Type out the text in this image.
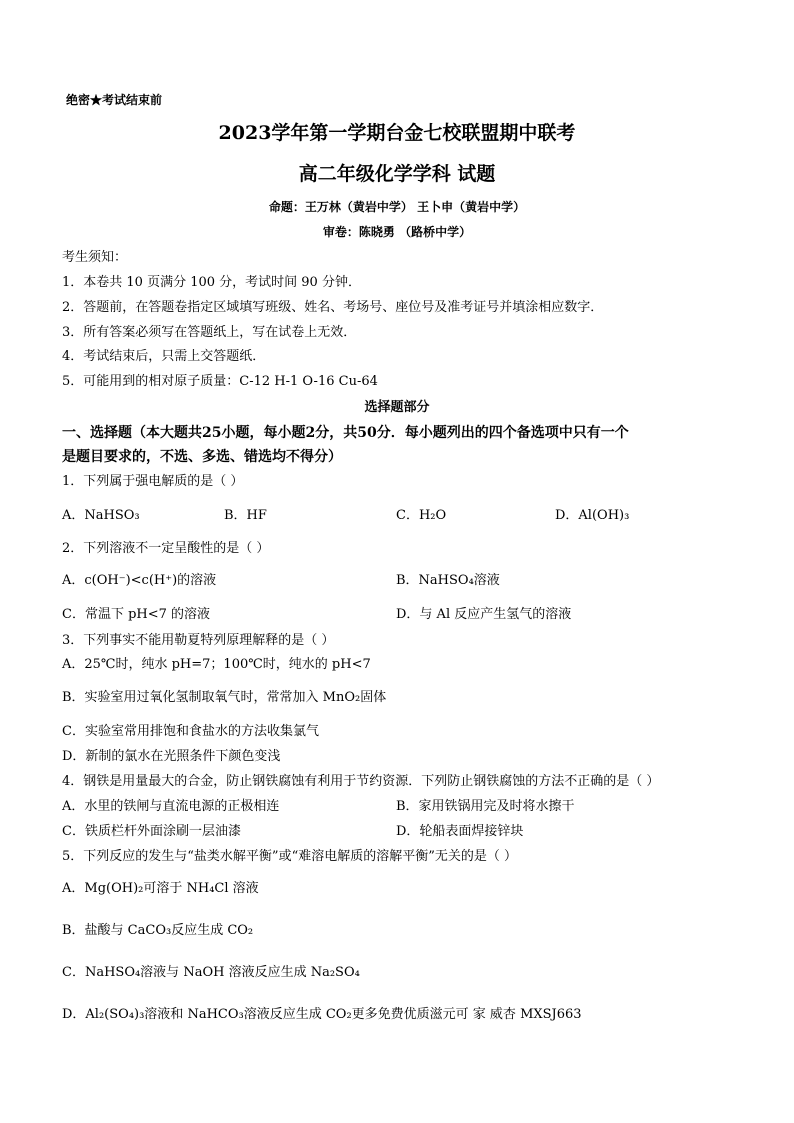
绝密★考试结束前
2023学年第一学期台金七校联盟期中联考
高二年级化学学科 试题
命题：王万林（黄岩中学） 王卜申（黄岩中学）
审卷：陈晓勇 （路桥中学）
考生须知：
1．本卷共 10 页满分 100 分，考试时间 90 分钟．
2．答题前，在答题卷指定区域填写班级、姓名、考场号、座位号及准考证号并填涂相应数字．
3．所有答案必须写在答题纸上，写在试卷上无效．
4．考试结束后，只需上交答题纸．
5．可能用到的相对原子质量：C-12 H-1 O-16 Cu-64
选择题部分
一、选择题（本大题共25小题，每小题2分，共50分．每小题列出的四个备选项中只有一个
是题目要求的，不选、多选、错选均不得分）
1．下列属于强电解质的是（ ）
A．NaHSO₃	B．HF	C．H₂O	D．Al(OH)₃
2．下列溶液不一定呈酸性的是（ ）
A．c(OH⁻)<c(H⁺)的溶液	B．NaHSO₄溶液
C．常温下 pH<7 的溶液	D．与 Al 反应产生氢气的溶液
3．下列事实不能用勒夏特列原理解释的是（ ）
A．25℃时，纯水 pH=7；100℃时，纯水的 pH<7
B．实验室用过氧化氢制取氧气时，常常加入 MnO₂固体
C．实验室常用排饱和食盐水的方法收集氯气
D．新制的氯水在光照条件下颜色变浅
4．钢铁是用量最大的合金，防止钢铁腐蚀有利用于节约资源．下列防止钢铁腐蚀的方法不正确的是（ ）
A．水里的铁闸与直流电源的正极相连	B．家用铁锅用完及时将水擦干
C．铁质栏杆外面涂刷一层油漆	D．轮船表面焊接锌块
5．下列反应的发生与“盐类水解平衡”或“难溶电解质的溶解平衡”无关的是（ ）
A．Mg(OH)₂可溶于 NH₄Cl 溶液
B．盐酸与 CaCO₃反应生成 CO₂
C．NaHSO₄溶液与 NaOH 溶液反应生成 Na₂SO₄
D．Al₂(SO₄)₃溶液和 NaHCO₃溶液反应生成 CO₂更多免费优质滋元可 家 威杏 MXSJ663
